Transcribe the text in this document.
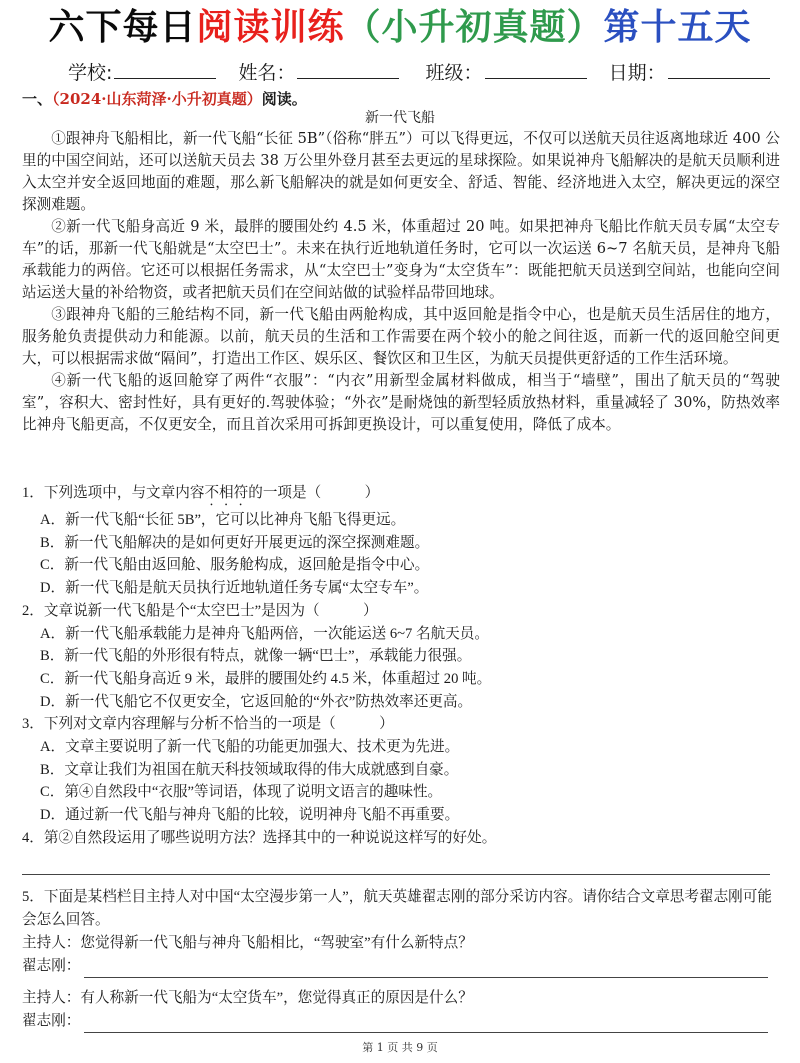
六下每日阅读训练（小升初真题）第十五天
学校:	姓名：	班级：	日期：
一、（2024·山东菏泽·小升初真题）阅读。
新一代飞船

①跟神舟飞船相比，新一代飞船“长征 5B”（俗称“胖五”）可以飞得更远，不仅可以送航天员往返离地球近 400 公里的中国空间站，还可以送航天员去 38 万公里外登月甚至去更远的星球探险。如果说神舟飞船解决的是航天员顺利进入太空并安全返回地面的难题，那么新飞船解决的就是如何更安全、舒适、智能、经济地进入太空，解决更远的深空探测难题。

②新一代飞船身高近 9 米，最胖的腰围处约 4.5 米，体重超过 20 吨。如果把神舟飞船比作航天员专属“太空专车”的话，那新一代飞船就是“太空巴士”。未来在执行近地轨道任务时，它可以一次运送 6~7 名航天员，是神舟飞船承载能力的两倍。它还可以根据任务需求，从“太空巴士”变身为“太空货车”：既能把航天员送到空间站，也能向空间站运送大量的补给物资，或者把航天员们在空间站做的试验样品带回地球。

③跟神舟飞船的三舱结构不同，新一代飞船由两舱构成，其中返回舱是指令中心，也是航天员生活居住的地方，服务舱负责提供动力和能源。以前，航天员的生活和工作需要在两个较小的舱之间往返，而新一代的返回舱空间更大，可以根据需求做“隔间”，打造出工作区、娱乐区、餐饮区和卫生区，为航天员提供更舒适的工作生活环境。

④新一代飞船的返回舱穿了两件“衣服”：“内衣”用新型金属材料做成，相当于“墙壁”，围出了航天员的“驾驶室”，容积大、密封性好，具有更好的.驾驶体验；“外衣”是耐烧蚀的新型轻质放热材料，重量减轻了 30%，防热效率比神舟飞船更高，不仅更安全，而且首次采用可拆卸更换设计，可以重复使用，降低了成本。

1．下列选项中，与文章内容不相符的一项是（	）

A．新一代飞船“长征 5B”，它可以比神舟飞船飞得更远。

B．新一代飞船解决的是如何更好开展更远的深空探测难题。

C．新一代飞船由返回舱、服务舱构成，返回舱是指令中心。

D．新一代飞船是航天员执行近地轨道任务专属“太空专车”。

2．文章说新一代飞船是个“太空巴士”是因为（	）

A．新一代飞船承载能力是神舟飞船两倍，一次能运送 6~7 名航天员。

B．新一代飞船的外形很有特点，就像一辆“巴士”，承载能力很强。

C．新一代飞船身高近 9 米，最胖的腰围处约 4.5 米，体重超过 20 吨。

D．新一代飞船它不仅更安全，它返回舱的“外衣”防热效率还更高。

3．下列对文章内容理解与分析不恰当的一项是（	）

A．文章主要说明了新一代飞船的功能更加强大、技术更为先进。

B．文章让我们为祖国在航天科技领域取得的伟大成就感到自豪。

C．第④自然段中“衣服”等词语，体现了说明文语言的趣味性。

D．通过新一代飞船与神舟飞船的比较，说明神舟飞船不再重要。

4．第②自然段运用了哪些说明方法？选择其中的一种说说这样写的好处。

5．下面是某档栏目主持人对中国“太空漫步第一人”，航天英雄翟志刚的部分采访内容。请你结合文章思考翟志刚可能会怎么回答。

主持人：您觉得新一代飞船与神舟飞船相比，“驾驶室”有什么新特点？

翟志刚：

主持人：有人称新一代飞船为“太空货车”，您觉得真正的原因是什么？

翟志刚：
第 1 页 共 9 页
